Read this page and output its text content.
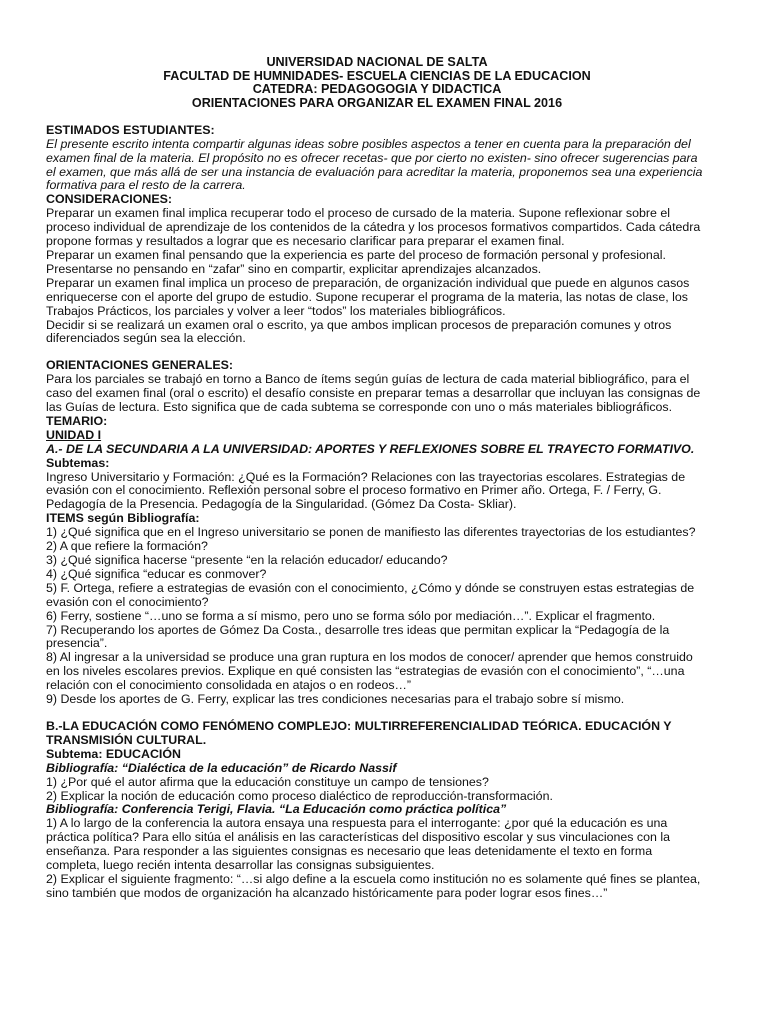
UNIVERSIDAD NACIONAL DE SALTA
FACULTAD DE HUMNIDADES- ESCUELA CIENCIAS DE LA EDUCACION
CATEDRA: PEDAGOGOGIA Y DIDACTICA
ORIENTACIONES PARA ORGANIZAR EL EXAMEN FINAL 2016

ESTIMADOS ESTUDIANTES:

El presente escrito intenta compartir algunas ideas sobre posibles aspectos a tener en cuenta para la preparación del examen final de la materia. El propósito no es ofrecer recetas- que por cierto no existen- sino ofrecer sugerencias para el examen, que más allá de ser una instancia de evaluación para acreditar la materia, proponemos sea una experiencia formativa para el resto de la carrera.

CONSIDERACIONES:

Preparar un examen final implica recuperar todo el proceso de cursado de la materia. Supone reflexionar sobre el proceso individual de aprendizaje de los contenidos de la cátedra y los procesos formativos compartidos. Cada cátedra propone formas y resultados a lograr que es necesario clarificar para preparar el examen final.

Preparar un examen final pensando que la experiencia es parte del proceso de formación personal y profesional. Presentarse no pensando en “zafar” sino en compartir, explicitar aprendizajes alcanzados.

Preparar un examen final implica un proceso de preparación, de organización individual que puede en algunos casos enriquecerse con el aporte del grupo de estudio. Supone recuperar el programa de la materia, las notas de clase, los Trabajos Prácticos, los parciales y volver a leer “todos” los materiales bibliográficos.

Decidir si se realizará un examen oral o escrito, ya que ambos implican procesos de preparación comunes y otros diferenciados según sea la elección.

ORIENTACIONES GENERALES:

Para los parciales se trabajó en torno a Banco de ítems según guías de lectura de cada material bibliográfico, para el caso del examen final (oral o escrito) el desafío consiste en preparar temas a desarrollar que incluyan las consignas de las Guías de lectura. Esto significa que de cada subtema se corresponde con uno o más materiales bibliográficos.

TEMARIO:

UNIDAD I

A.- DE LA SECUNDARIA A LA UNIVERSIDAD: APORTES Y REFLEXIONES SOBRE EL TRAYECTO FORMATIVO.

Subtemas:

Ingreso Universitario y Formación: ¿Qué es la Formación? Relaciones con las trayectorias escolares. Estrategias de evasión con el conocimiento. Reflexión personal sobre el proceso formativo en Primer año. Ortega, F. / Ferry, G. Pedagogía de la Presencia. Pedagogía de la Singularidad. (Gómez Da Costa- Skliar).

ITEMS según Bibliografía:

1) ¿Qué significa que en el Ingreso universitario se ponen de manifiesto las diferentes trayectorias de los estudiantes?

2) A que refiere la formación?

3) ¿Qué significa hacerse “presente “en la relación educador/ educando?

4) ¿Qué significa “educar es conmover?

5) F. Ortega, refiere a estrategias de evasión con el conocimiento, ¿Cómo y dónde se construyen estas estrategias de evasión con el conocimiento?

6) Ferry, sostiene “…uno se forma a sí mismo, pero uno se forma sólo por mediación…”. Explicar el fragmento.

7) Recuperando los aportes de Gómez Da Costa., desarrolle tres ideas que permitan explicar la “Pedagogía de la presencia”.

8) Al ingresar a la universidad se produce una gran ruptura en los modos de conocer/ aprender que hemos construido en los niveles escolares previos. Explique en qué consisten las “estrategias de evasión con el conocimiento”, “…una relación con el conocimiento consolidada en atajos o en rodeos…”

9) Desde los aportes de G. Ferry, explicar las tres condiciones necesarias para el trabajo sobre sí mismo.

B.-LA EDUCACIÓN COMO FENÓMENO COMPLEJO: MULTIRREFERENCIALIDAD TEÓRICA. EDUCACIÓN Y TRANSMISIÓN CULTURAL.

Subtema: EDUCACIÓN

Bibliografía: “Dialéctica de la educación” de Ricardo Nassif

1) ¿Por qué el autor afirma que la educación constituye un campo de tensiones?

2) Explicar la noción de educación como proceso dialéctico de reproducción-transformación.

Bibliografía: Conferencia Terigi, Flavia. “La Educación como práctica política”

1) A lo largo de la conferencia la autora ensaya una respuesta para el interrogante: ¿por qué la educación es una práctica política? Para ello sitúa el análisis en las características del dispositivo escolar y sus vinculaciones con la enseñanza. Para responder a las siguientes consignas es necesario que leas detenidamente el texto en forma completa, luego recién intenta desarrollar las consignas subsiguientes.

2) Explicar el siguiente fragmento: “…si algo define a la escuela como institución no es solamente qué fines se plantea, sino también que modos de organización ha alcanzado históricamente para poder lograr esos fines…”
